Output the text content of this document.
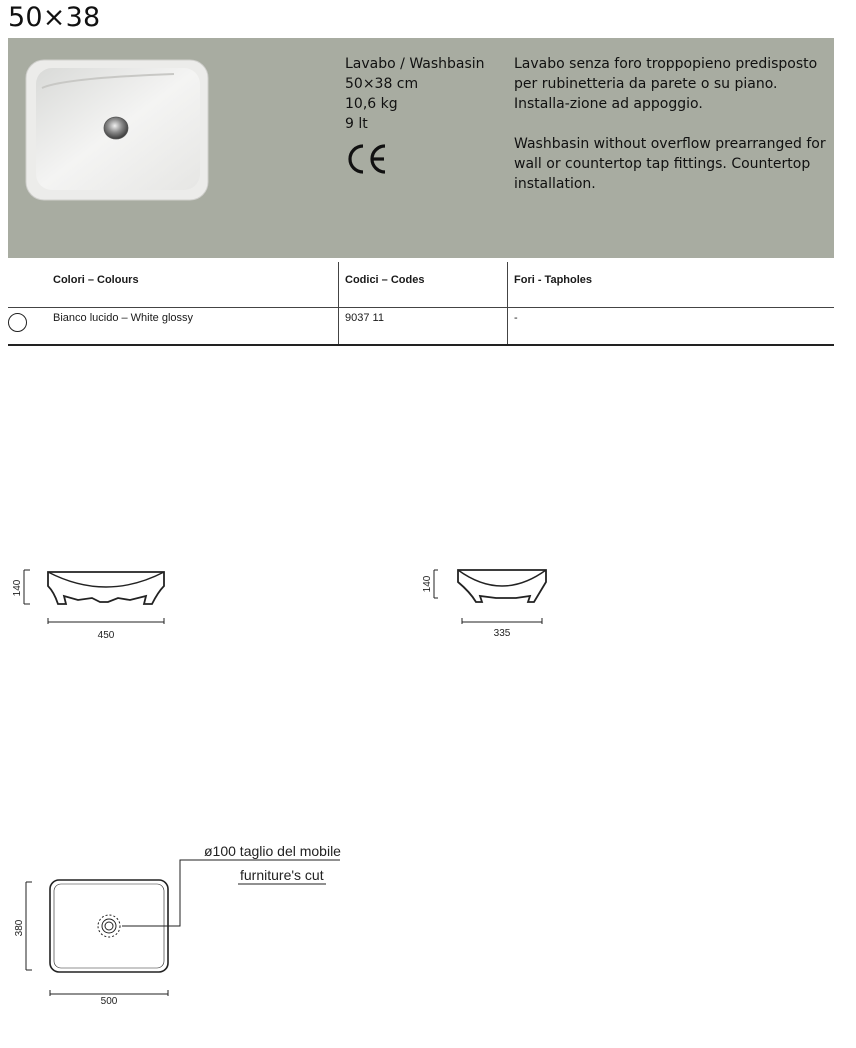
50×38
Lavabo / Washbasin
50×38 cm
10,6 kg
9 lt

Lavabo senza foro troppopieno predisposto per rubinetteria da parete o su piano. Installa-zione ad appoggio.

Washbasin without overflow prearranged for wall or countertop tap fittings. Countertop installation.

Colori – Colours	Codici – Codes	Fori - Tapholes
Bianco lucido – White glossy	9037 11	-
140
450
140
335
380
500
ø100 taglio del mobile
furniture's cut
